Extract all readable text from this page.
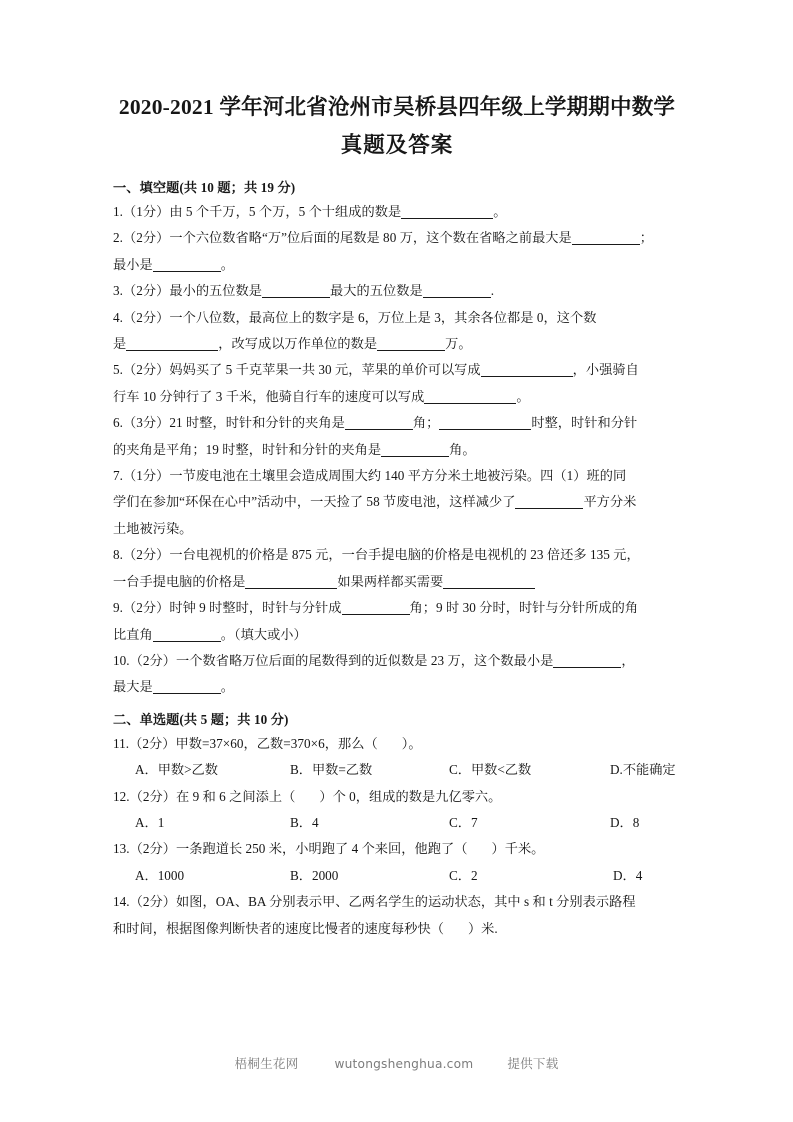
2020-2021 学年河北省沧州市吴桥县四年级上学期期中数学
真题及答案
一、填空题(共 10 题；共 19 分)

1.（1分）由 5 个千万，5 个万，5 个十组成的数是	。

2.（2分）一个六位数省略“万”位后面的尾数是 80 万，这个数在省略之前最大是	；

最小是	。

3.（2分）最小的五位数是	最大的五位数是	.

4.（2分）一个八位数，最高位上的数字是 6，万位上是 3，其余各位都是 0，这个数

是	，改写成以万作单位的数是	万。

5.（2分）妈妈买了 5 千克苹果一共 30 元，苹果的单价可以写成	，小强骑自

行车 10 分钟行了 3 千米，他骑自行车的速度可以写成	。

6.（3分）21 时整，时针和分针的夹角是	角；	时整，时针和分针

的夹角是平角；19 时整，时针和分针的夹角是	角。

7.（1分）一节废电池在土壤里会造成周围大约 140 平方分米土地被污染。四（1）班的同

学们在参加“环保在心中”活动中，一天捡了 58 节废电池，这样减少了	平方分米

土地被污染。

8.（2分）一台电视机的价格是 875 元，一台手提电脑的价格是电视机的 23 倍还多 135 元，

一台手提电脑的价格是	如果两样都买需要

9.（2分）时钟 9 时整时，时针与分针成	角；9 时 30 分时，时针与分针所成的角

比直角	。（填大或小）

10.（2分）一个数省略万位后面的尾数得到的近似数是 23 万，这个数最小是	，

最大是	。

二、单选题(共 5 题；共 10 分)

11.（2分）甲数=37×60，乙数=370×6，那么（ ）。

A．甲数>乙数	B．甲数=乙数	C．甲数<乙数	D.不能确定

12.（2分）在 9 和 6 之间添上（ ）个 0，组成的数是九亿零六。

A．1	B．4	C．7	D．8

13.（2分）一条跑道长 250 米，小明跑了 4 个来回，他跑了（ ）千米。

A．1000	B．2000	C．2	D．4

14.（2分）如图，OA、BA 分别表示甲、乙两名学生的运动状态，其中 s 和 t 分别表示路程

和时间，根据图像判断快者的速度比慢者的速度每秒快（ ）米.

梧桐生花网	wutongshenghua.com	提供下载
